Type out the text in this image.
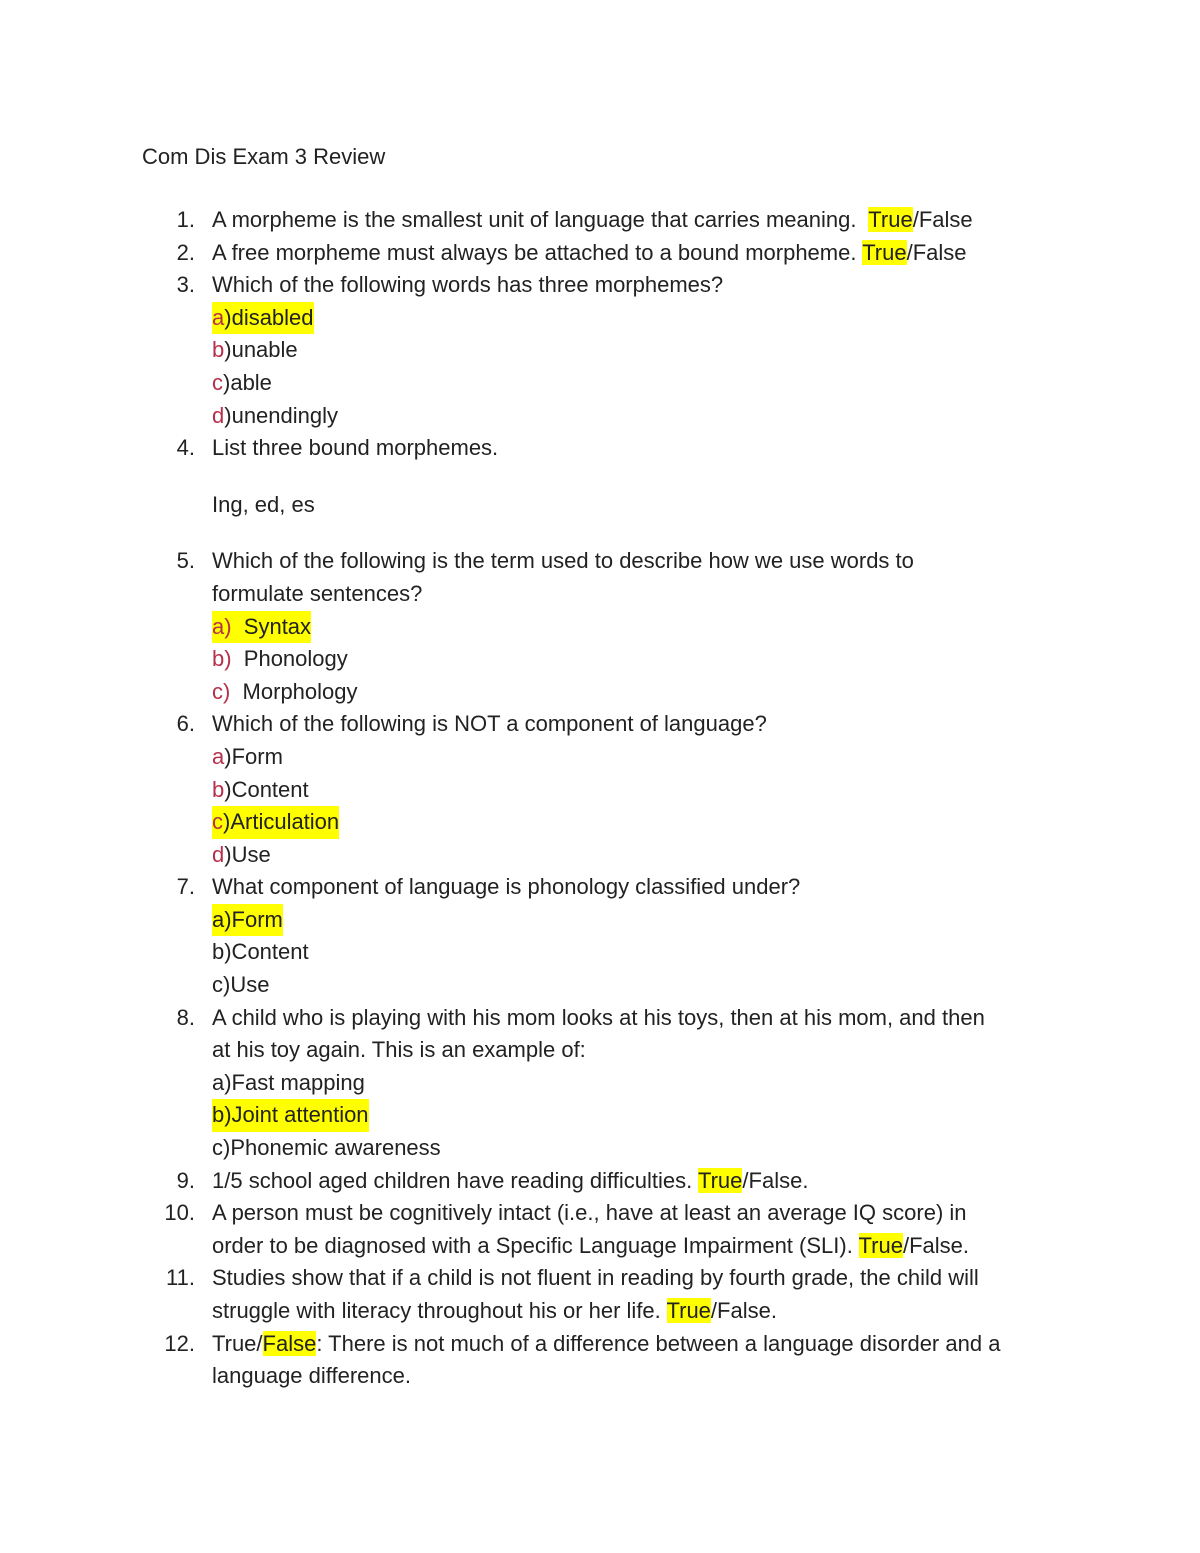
Com Dis Exam 3 Review
1. A morpheme is the smallest unit of language that carries meaning.  True/False
2. A free morpheme must always be attached to a bound morpheme. True/False
3. Which of the following words has three morphemes?
a)disabled
b)unable
c)able
d)unendingly
4. List three bound morphemes.
Ing, ed, es
5. Which of the following is the term used to describe how we use words to
formulate sentences?
a)  Syntax
b)  Phonology
c)  Morphology
6. Which of the following is NOT a component of language?
a)Form
b)Content
c)Articulation
d)Use
7. What component of language is phonology classified under?
a)Form
b)Content
c)Use
8. A child who is playing with his mom looks at his toys, then at his mom, and then
at his toy again. This is an example of:
a)Fast mapping
b)Joint attention
c)Phonemic awareness
9. 1/5 school aged children have reading difficulties. True/False.
10. A person must be cognitively intact (i.e., have at least an average IQ score) in
order to be diagnosed with a Specific Language Impairment (SLI). True/False.
11. Studies show that if a child is not fluent in reading by fourth grade, the child will
struggle with literacy throughout his or her life. True/False.
12. True/False: There is not much of a difference between a language disorder and a
language difference.
